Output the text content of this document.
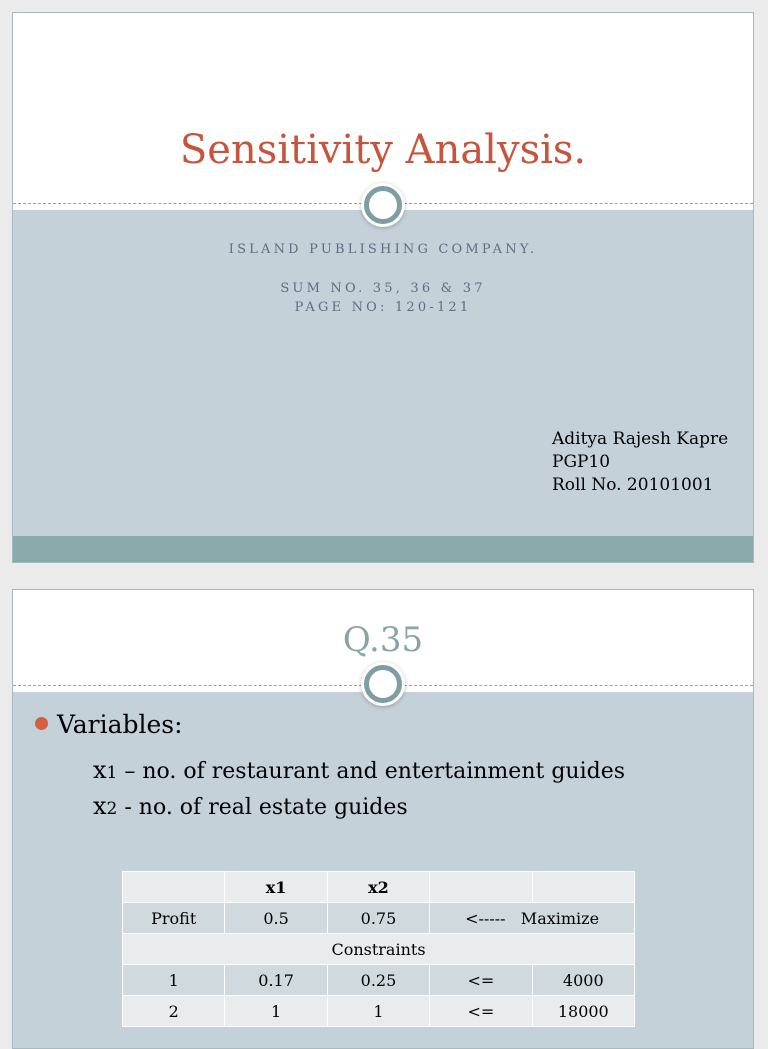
Sensitivity Analysis.
ISLAND PUBLISHING COMPANY.
SUM NO. 35, 36 & 37
PAGE NO: 120-121
Aditya Rajesh Kapre
PGP10
Roll No. 20101001
Q.35
Variables:
x1 – no. of restaurant and entertainment guides
x2 - no. of real estate guides
	x1	x2		
Profit	0.5	0.75	<-----   Maximize	
Constraints				
1	0.17	0.25	<=	4000
2	1	1	<=	18000
